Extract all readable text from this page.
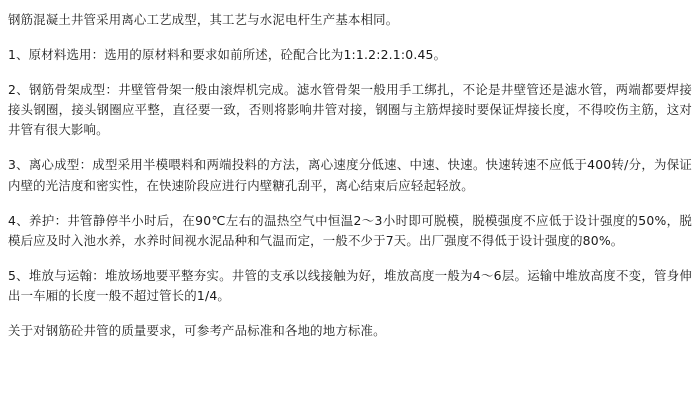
钢筋混凝土井管采用离心工艺成型，其工艺与水泥电杆生产基本相同。

1、原材料选用：选用的原材料和要求如前所述，砼配合比为1:1.2:2.1:0.45。

2、钢筋骨架成型：井壁管骨架一般由滚焊机完成。滤水管骨架一般用手工绑扎，不论是井壁管还是滤水管，两端都要焊接接头钢圈，接头钢圈应平整，直径要一致，否则将影响井管对接，钢圈与主筋焊接时要保证焊接长度，不得咬伤主筋，这对井管有很大影响。

3、离心成型：成型采用半模喂料和两端投料的方法，离心速度分低速、中速、快速。快速转速不应低于400转/分，为保证内壁的光洁度和密实性，在快速阶段应进行内壁糖孔刮平，离心结束后应轻起轻放。

4、养护：井管静停半小时后，在90℃左右的温热空气中恒温2～3小时即可脱模，脱模强度不应低于设计强度的50%，脱模后应及时入池水养，水养时间视水泥品种和气温而定，一般不少于7天。出厂强度不得低于设计强度的80%。

5、堆放与运翰：堆放场地要平整夯实。井管的支承以线接触为好，堆放高度一般为4～6层。运输中堆放高度不变，管身伸出一车厢的长度一般不超过管长的1/4。

关于对钢筋砼井管的质量要求，可参考产品标准和各地的地方标准。
